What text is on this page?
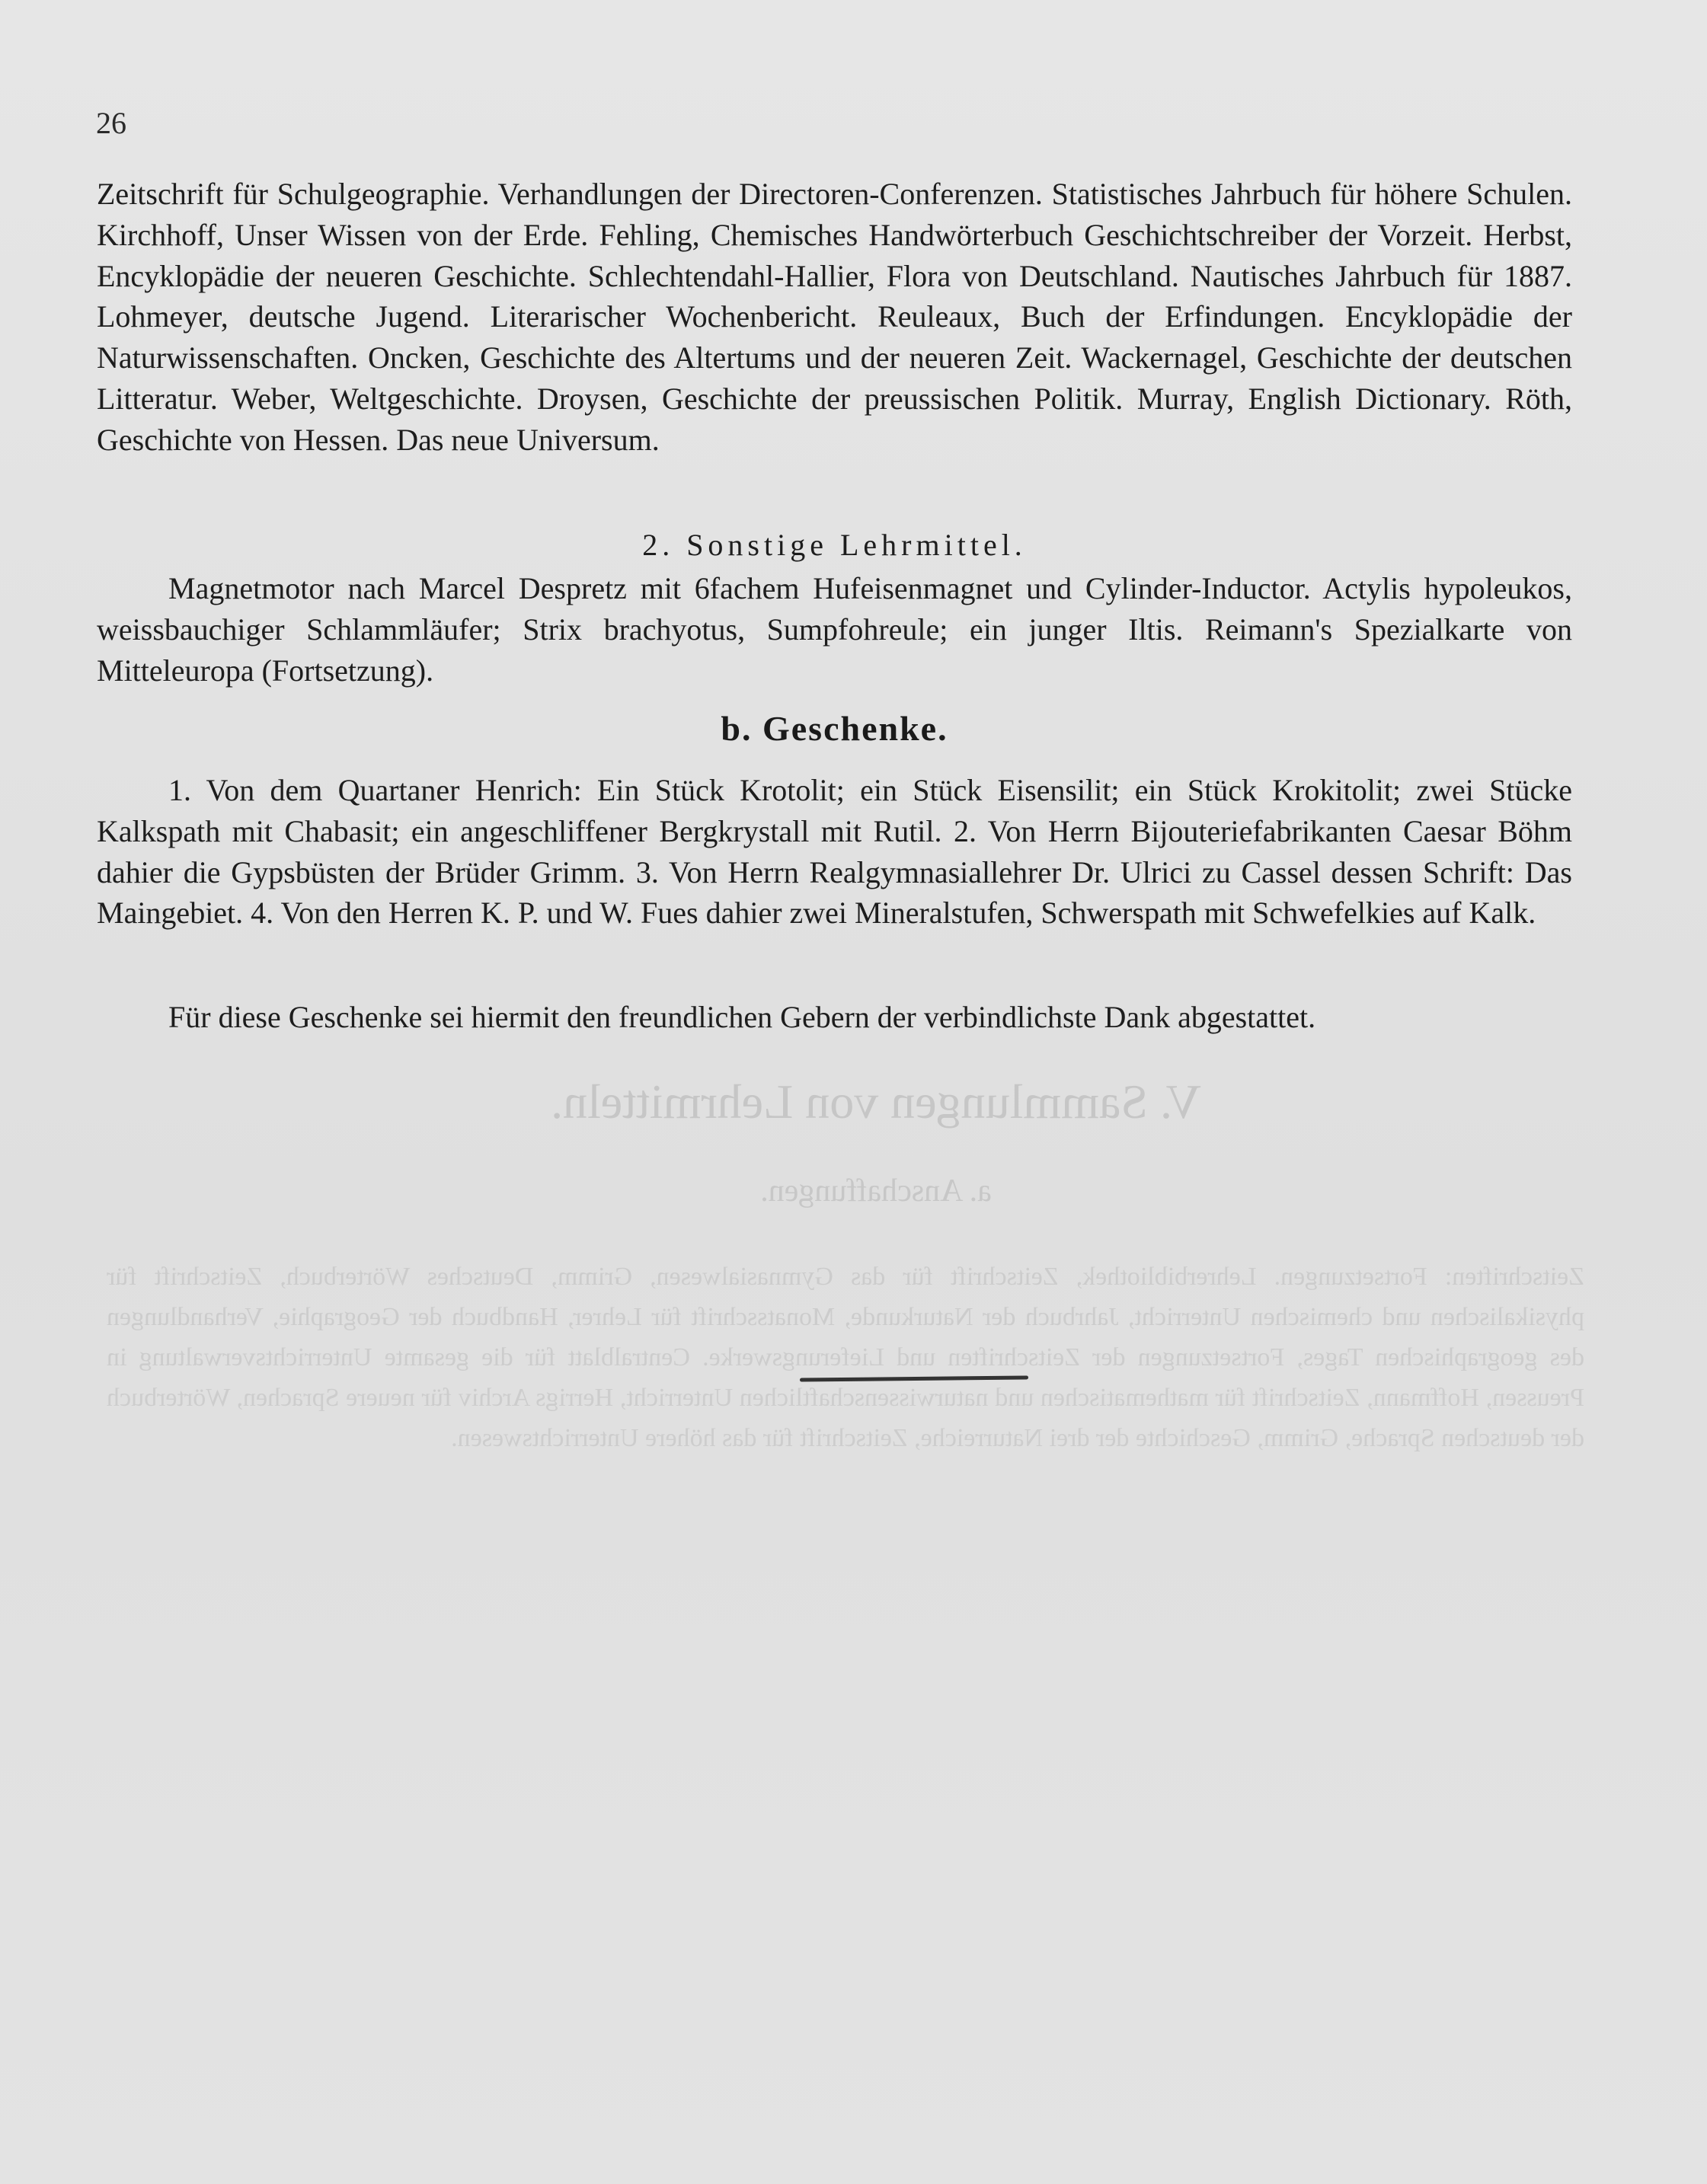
V. Sammlungen von Lehrmitteln.
a. Anschaffungen.
Zeitschriften: Fortsetzungen. Lehrerbibliothek, Zeitschrift für das Gymnasialwesen, Grimm, Deutsches Wörterbuch, Zeitschrift für physikalischen und chemischen Unterricht, Jahrbuch der Naturkunde, Monatsschrift für Lehrer, Handbuch der Geographie, Verhandlungen des geographischen Tages, Fortsetzungen der Zeitschriften und Lieferungswerke. Centralblatt für die gesamte Unterrichtsverwaltung in Preussen, Hoffmann, Zeitschrift für mathematischen und naturwissenschaftlichen Unterricht, Herrigs Archiv für neuere Sprachen, Wörterbuch der deutschen Sprache, Grimm, Geschichte der drei Naturreiche, Zeitschrift für das höhere Unterrichtswesen.
26

Zeitschrift für Schulgeographie. Verhandlungen der Directoren-Conferenzen. Statistisches Jahrbuch für höhere Schulen. Kirchhoff, Unser Wissen von der Erde. Fehling, Chemisches Handwörterbuch Geschichtschreiber der Vorzeit. Herbst, Encyklopädie der neueren Geschichte. Schlechtendahl-Hallier, Flora von Deutschland. Nautisches Jahrbuch für 1887. Lohmeyer, deutsche Jugend. Literarischer Wochenbericht. Reuleaux, Buch der Erfindungen. Encyklopädie der Naturwissenschaften. Oncken, Geschichte des Altertums und der neueren Zeit. Wackernagel, Geschichte der deutschen Litteratur. Weber, Weltgeschichte. Droysen, Geschichte der preussischen Politik. Murray, English Dictionary. Röth, Geschichte von Hessen. Das neue Universum.

2. Sonstige Lehrmittel.

Magnetmotor nach Marcel Despretz mit 6fachem Hufeisenmagnet und Cylinder-Inductor. Actylis hypoleukos, weissbauchiger Schlammläufer; Strix brachyotus, Sumpfohreule; ein junger Iltis. Reimann's Spezialkarte von Mitteleuropa (Fortsetzung).

b. Geschenke.

1. Von dem Quartaner Henrich: Ein Stück Krotolit; ein Stück Eisensilit; ein Stück Krokitolit; zwei Stücke Kalkspath mit Chabasit; ein angeschliffener Bergkrystall mit Rutil. 2. Von Herrn Bijouteriefabrikanten Caesar Böhm dahier die Gypsbüsten der Brüder Grimm. 3. Von Herrn Realgymnasiallehrer Dr. Ulrici zu Cassel dessen Schrift: Das Maingebiet. 4. Von den Herren K. P. und W. Fues dahier zwei Mineralstufen, Schwerspath mit Schwefelkies auf Kalk.

Für diese Geschenke sei hiermit den freundlichen Gebern der verbindlichste Dank abgestattet.
